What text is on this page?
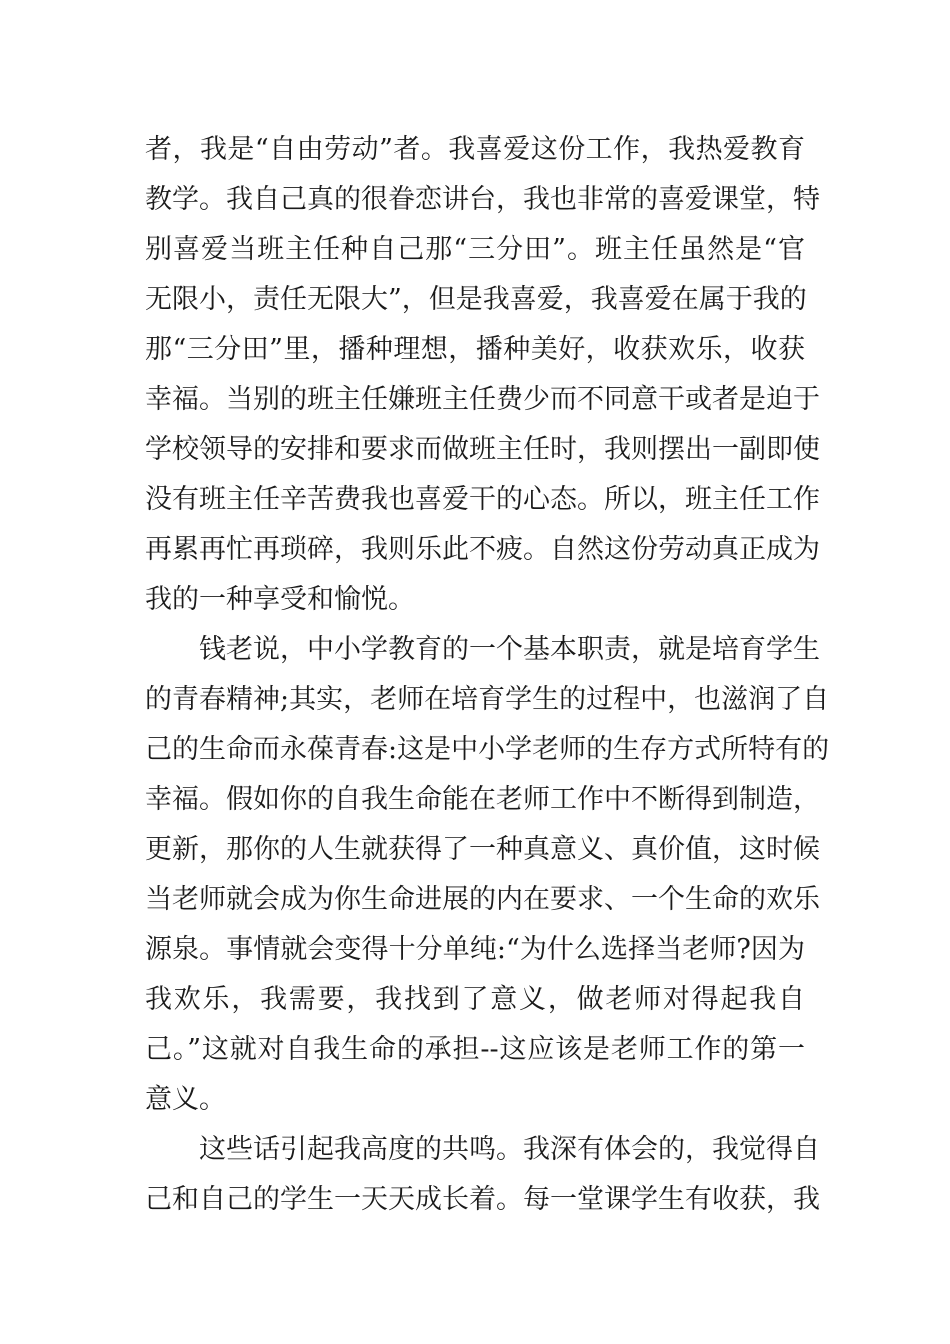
者，我是“自由劳动”者。我喜爱这份工作，我热爱教育
教学。我自己真的很眷恋讲台，我也非常的喜爱课堂，特
别喜爱当班主任种自己那“三分田”。班主任虽然是“官
无限小，责任无限大”，但是我喜爱，我喜爱在属于我的
那“三分田”里，播种理想，播种美好，收获欢乐，收获
幸福。当别的班主任嫌班主任费少而不同意干或者是迫于
学校领导的安排和要求而做班主任时，我则摆出一副即使
没有班主任辛苦费我也喜爱干的心态。所以，班主任工作
再累再忙再琐碎，我则乐此不疲。自然这份劳动真正成为
我的一种享受和愉悦。
钱老说，中小学教育的一个基本职责，就是培育学生
的青春精神;其实，老师在培育学生的过程中，也滋润了自
己的生命而永葆青春:这是中小学老师的生存方式所特有的
幸福。假如你的自我生命能在老师工作中不断得到制造，
更新，那你的人生就获得了一种真意义、真价值，这时候
当老师就会成为你生命进展的内在要求、一个生命的欢乐
源泉。事情就会变得十分单纯:“为什么选择当老师?因为
我欢乐，我需要，我找到了意义，做老师对得起我自
己。”这就对自我生命的承担--这应该是老师工作的第一
意义。
这些话引起我高度的共鸣。我深有体会的，我觉得自
己和自己的学生一天天成长着。每一堂课学生有收获，我
